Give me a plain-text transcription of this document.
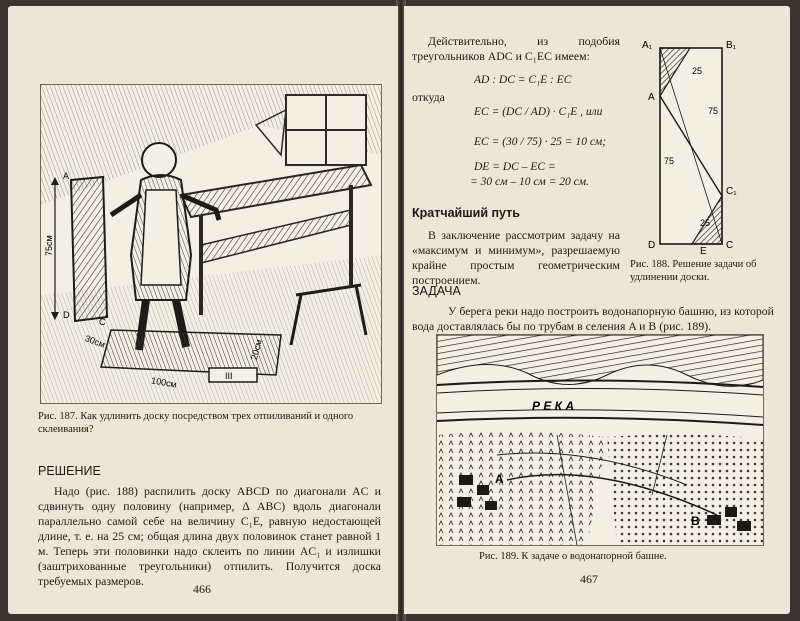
A
D
75см
III
C
30см
100см
20см
Рис. 187. Как удлинить доску посредством трех отпиливаний и одного склеивания?
РЕШЕНИЕ
Надо (рис. 188) распилить доску ABCD по диагонали AC и сдвинуть одну половину (например, Δ ABC) вдоль диагонали параллельно самой себе на величину C₁E, равную недостающей длине, т. е. на 25 см; общая длина двух половинок станет равной 1 м. Теперь эти половинки надо склеить по линии AC₁ и излишки (заштрихованные треугольники) отпилить. Получится доска требуемых размеров.
466
Действительно, из подобия треугольников ADC и C₁EC имеем:
AD : DC = C₁E : EC
откуда
EC = (DC / AD) · C₁E , или
EC = (30 / 75) · 25 = 10 см;
DE = DC – EC =
= 30 см – 10 см = 20 см.
Кратчайший путь
В заключение рассмотрим задачу на «максимум и минимум», разрешаемую крайне простым геометрическим построением.
A₁	B₁
A
C₁
D
E
C
25
75
75
25
Рис. 188. Решение задачи об удлинении доски.
ЗАДАЧА
У берега реки надо построить водонапорную башню, из которой вода доставлялась бы по трубам в селения A и B (рис. 189).
Р Е К А
A
B
Рис. 189. К задаче о водонапорной башне.
467
